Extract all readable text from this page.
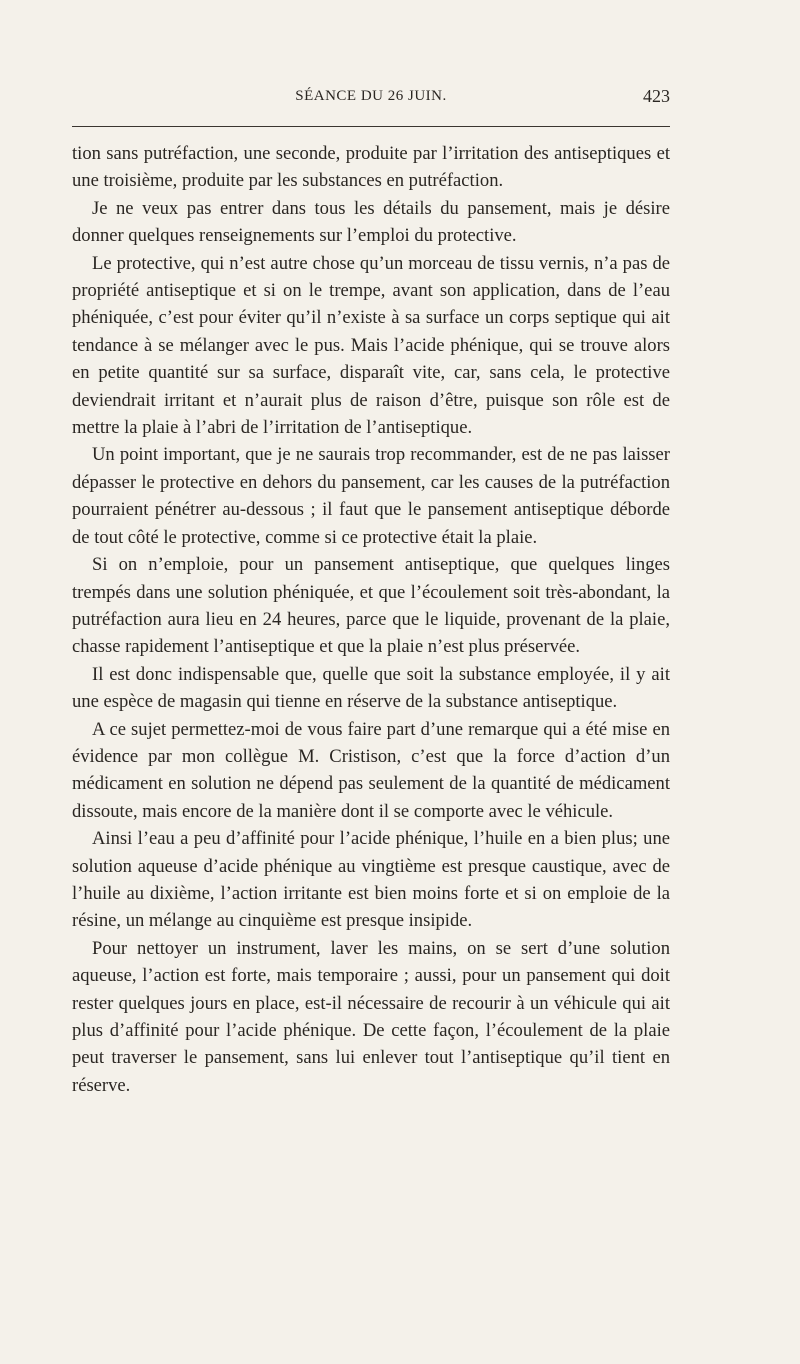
SÉANCE DU 26 JUIN.	423

tion sans putréfaction, une seconde, produite par l’irritation des antiseptiques et une troisième, produite par les substances en putréfaction.

Je ne veux pas entrer dans tous les détails du pansement, mais je désire donner quelques renseignements sur l’emploi du protective.

Le protective, qui n’est autre chose qu’un morceau de tissu vernis, n’a pas de propriété antiseptique et si on le trempe, avant son application, dans de l’eau phéniquée, c’est pour éviter qu’il n’existe à sa surface un corps septique qui ait tendance à se mélanger avec le pus. Mais l’acide phénique, qui se trouve alors en petite quantité sur sa surface, disparaît vite, car, sans cela, le protective deviendrait irritant et n’aurait plus de raison d’être, puisque son rôle est de mettre la plaie à l’abri de l’irritation de l’antiseptique.

Un point important, que je ne saurais trop recommander, est de ne pas laisser dépasser le protective en dehors du pansement, car les causes de la putréfaction pourraient pénétrer au-dessous ; il faut que le pansement antiseptique déborde de tout côté le protective, comme si ce protective était la plaie.

Si on n’emploie, pour un pansement antiseptique, que quelques linges trempés dans une solution phéniquée, et que l’écoulement soit très-abondant, la putréfaction aura lieu en 24 heures, parce que le liquide, provenant de la plaie, chasse rapidement l’antiseptique et que la plaie n’est plus préservée.

Il est donc indispensable que, quelle que soit la substance employée, il y ait une espèce de magasin qui tienne en réserve de la substance antiseptique.

A ce sujet permettez-moi de vous faire part d’une remarque qui a été mise en évidence par mon collègue M. Cristison, c’est que la force d’action d’un médicament en solution ne dépend pas seulement de la quantité de médicament dissoute, mais encore de la manière dont il se comporte avec le véhicule.

Ainsi l’eau a peu d’affinité pour l’acide phénique, l’huile en a bien plus; une solution aqueuse d’acide phénique au vingtième est presque caustique, avec de l’huile au dixième, l’action irritante est bien moins forte et si on emploie de la résine, un mélange au cinquième est presque insipide.

Pour nettoyer un instrument, laver les mains, on se sert d’une solution aqueuse, l’action est forte, mais temporaire ; aussi, pour un pansement qui doit rester quelques jours en place, est-il nécessaire de recourir à un véhicule qui ait plus d’affinité pour l’acide phénique. De cette façon, l’écoulement de la plaie peut traverser le pansement, sans lui enlever tout l’antiseptique qu’il tient en réserve.
